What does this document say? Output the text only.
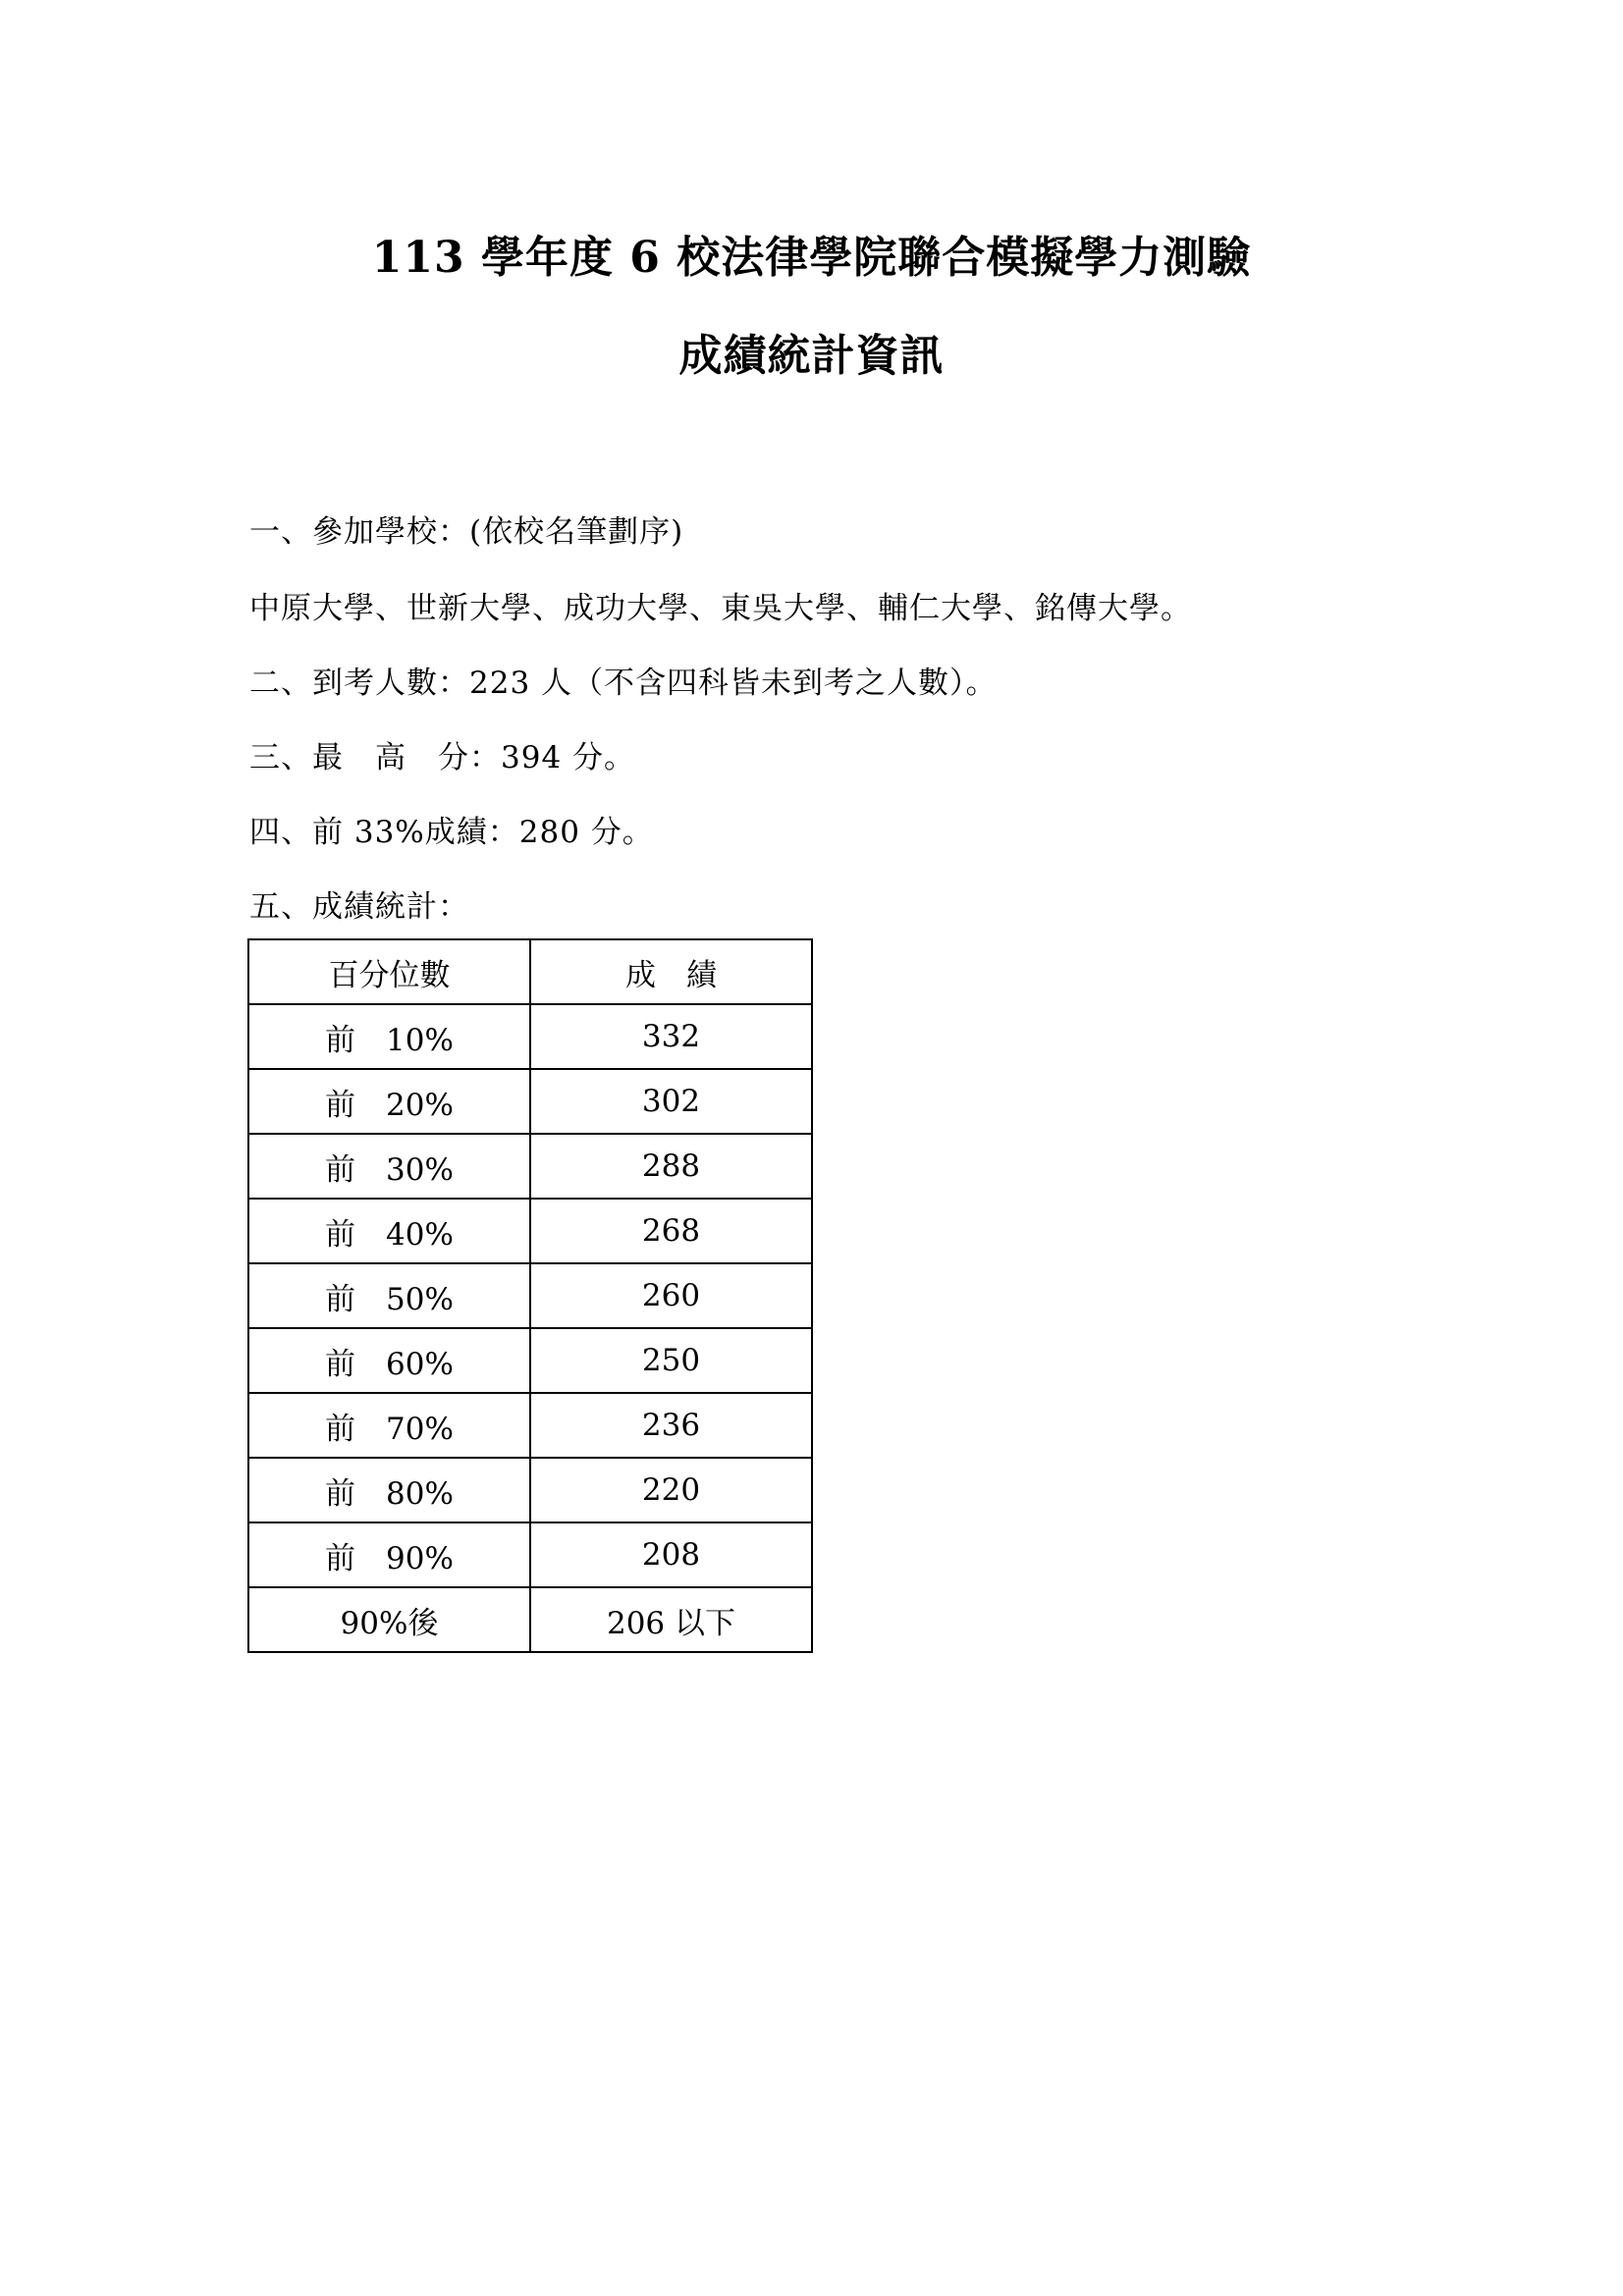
113 學年度 6 校法律學院聯合模擬學力測驗
成績統計資訊
一、參加學校：(依校名筆劃序)
中原大學、世新大學、成功大學、東吳大學、輔仁大學、銘傳大學。
二、到考人數：223 人（不含四科皆未到考之人數）。
三、最　高　分：394 分。
四、前 33%成績：280 分。
五、成績統計：
百分位數	成　績
前　10%	332
前　20%	302
前　30%	288
前　40%	268
前　50%	260
前　60%	250
前　70%	236
前　80%	220
前　90%	208
90%後	206 以下
